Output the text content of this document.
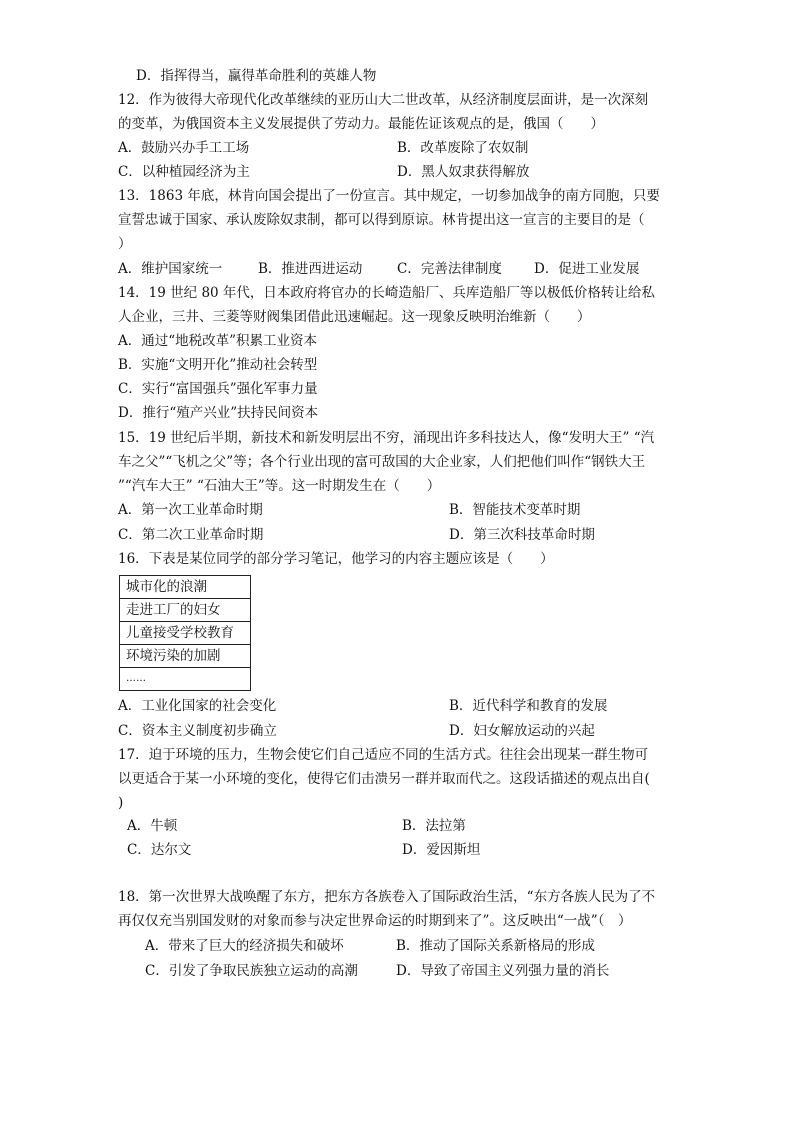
D．指挥得当，赢得革命胜利的英雄人物
12．作为彼得大帝现代化改革继续的亚历山大二世改革，从经济制度层面讲，是一次深刻
的变革，为俄国资本主义发展提供了劳动力。最能佐证该观点的是，俄国（　　）
A．鼓励兴办手工工场	B．改革废除了农奴制
C．以种植园经济为主	D．黑人奴隶获得解放
13．1863 年底，林肯向国会提出了一份宣言。其中规定，一切参加战争的南方同胞，只要
宣誓忠诚于国家、承认废除奴隶制，都可以得到原谅。林肯提出这一宣言的主要目的是（
）
A．维护国家统一	B．推进西进运动	C．完善法律制度 D．促进工业发展
14．19 世纪 80 年代，日本政府将官办的长崎造船厂、兵库造船厂等以极低价格转让给私
人企业，三井、三菱等财阀集团借此迅速崛起。这一现象反映明治维新（　　）
A．通过“地税改革”积累工业资本
B．实施“文明开化”推动社会转型
C．实行“富国强兵”强化军事力量
D．推行“殖产兴业”扶持民间资本
15．19 世纪后半期，新技术和新发明层出不穷，涌现出许多科技达人，像“发明大王” “汽
车之父”“飞机之父”等；各个行业出现的富可敌国的大企业家，人们把他们叫作“钢铁大王
”“汽车大王” “石油大王”等。这一时期发生在（　　）
A．第一次工业革命时期	B．智能技术变革时期
C．第二次工业革命时期	D．第三次科技革命时期
16．下表是某位同学的部分学习笔记，他学习的内容主题应该是（　　）
城市化的浪潮
走进工厂的妇女
儿童接受学校教育
环境污染的加剧
……
A．工业化国家的社会变化	B．近代科学和教育的发展
C．资本主义制度初步确立	D．妇女解放运动的兴起
17．迫于环境的压力，生物会使它们自己适应不同的生活方式。往往会出现某一群生物可
以更适合于某一小环境的变化，使得它们击溃另一群并取而代之。这段话描述的观点出自(
)
A．牛顿	B．法拉第
C．达尔文	D．爱因斯坦
18．第一次世界大战唤醒了东方，把东方各族卷入了国际政治生活，“东方各族人民为了不
再仅仅充当别国发财的对象而参与决定世界命运的时期到来了”。这反映出“一战”（　）
A．带来了巨大的经济损失和破坏	B．推动了国际关系新格局的形成
C．引发了争取民族独立运动的高潮	D．导致了帝国主义列强力量的消长
